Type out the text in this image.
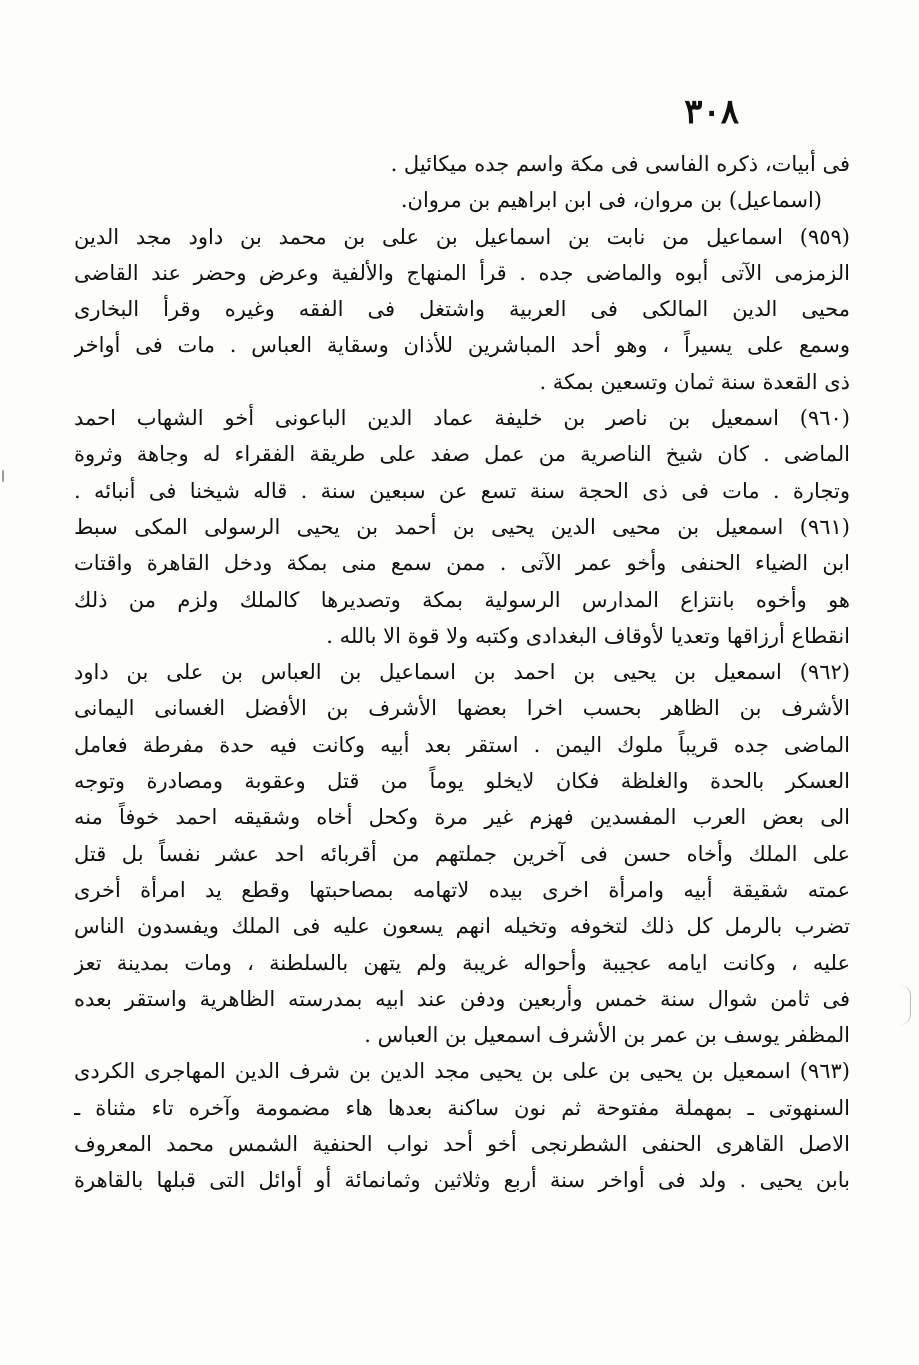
٣٠٨
فى أبيات، ذكره الفاسى فى مكة واسم جده ميكائيل .
(اسماعيل) بن مروان، فى ابن ابراهيم بن مروان.
(٩٥٩) اسماعيل من نابت بن اسماعيل بن على بن محمد بن داود مجد الدين
الزمزمى الآتى أبوه والماضى جده . قرأ المنهاج والألفية وعرض وحضر عند القاضى
محيى الدين المالكى فى العربية واشتغل فى الفقه وغيره وقرأ البخارى
وسمع على يسيراً ، وهو أحد المباشرين للأذان وسقاية العباس . مات فى أواخر
ذى القعدة سنة ثمان وتسعين بمكة .
(٩٦٠) اسمعيل بن ناصر بن خليفة عماد الدين الباعونى أخو الشهاب احمد
الماضى . كان شيخ الناصرية من عمل صفد على طريقة الفقراء له وجاهة وثروة
وتجارة . مات فى ذى الحجة سنة تسع عن سبعين سنة . قاله شيخنا فى أنبائه .
(٩٦١) اسمعيل بن محيى الدين يحيى بن أحمد بن يحيى الرسولى المكى سبط
ابن الضياء الحنفى وأخو عمر الآتى . ممن سمع منى بمكة ودخل القاهرة واقتات
هو وأخوه بانتزاع المدارس الرسولية بمكة وتصديرها كالملك ولزم من ذلك
انقطاع أرزاقها وتعديا لأوقاف البغدادى وكتبه ولا قوة الا بالله .
(٩٦٢) اسمعيل بن يحيى بن احمد بن اسماعيل بن العباس بن على بن داود
الأشرف بن الظاهر بحسب اخرا بعضها الأشرف بن الأفضل الغسانى اليمانى
الماضى جده قريباً ملوك اليمن . استقر بعد أبيه وكانت فيه حدة مفرطة فعامل
العسكر بالحدة والغلظة فكان لايخلو يوماً من قتل وعقوبة ومصادرة وتوجه
الى بعض العرب المفسدين فهزم غير مرة وكحل أخاه وشقيقه احمد خوفاً منه
على الملك وأخاه حسن فى آخرين جملتهم من أقربائه احد عشر نفساً بل قتل
عمته شقيقة أبيه وامرأة اخرى بيده لاتهامه بمصاحبتها وقطع يد امرأة أخرى
تضرب بالرمل كل ذلك لتخوفه وتخيله انهم يسعون عليه فى الملك ويفسدون الناس
عليه ، وكانت ايامه عجيبة وأحواله غريبة ولم يتهن بالسلطنة ، ومات بمدينة تعز
فى ثامن شوال سنة خمس وأربعين ودفن عند ابيه بمدرسته الظاهرية واستقر بعده
المظفر يوسف بن عمر بن الأشرف اسمعيل بن العباس .
(٩٦٣) اسمعيل بن يحيى بن على بن يحيى مجد الدين بن شرف الدين المهاجرى الكردى
السنهوتى ـ بمهملة مفتوحة ثم نون ساكنة بعدها هاء مضمومة وآخره تاء مثناة ـ
الاصل القاهرى الحنفى الشطرنجى أخو أحد نواب الحنفية الشمس محمد المعروف
بابن يحيى . ولد فى أواخر سنة أربع وثلاثين وثمانمائة أو أوائل التى قبلها بالقاهرة
